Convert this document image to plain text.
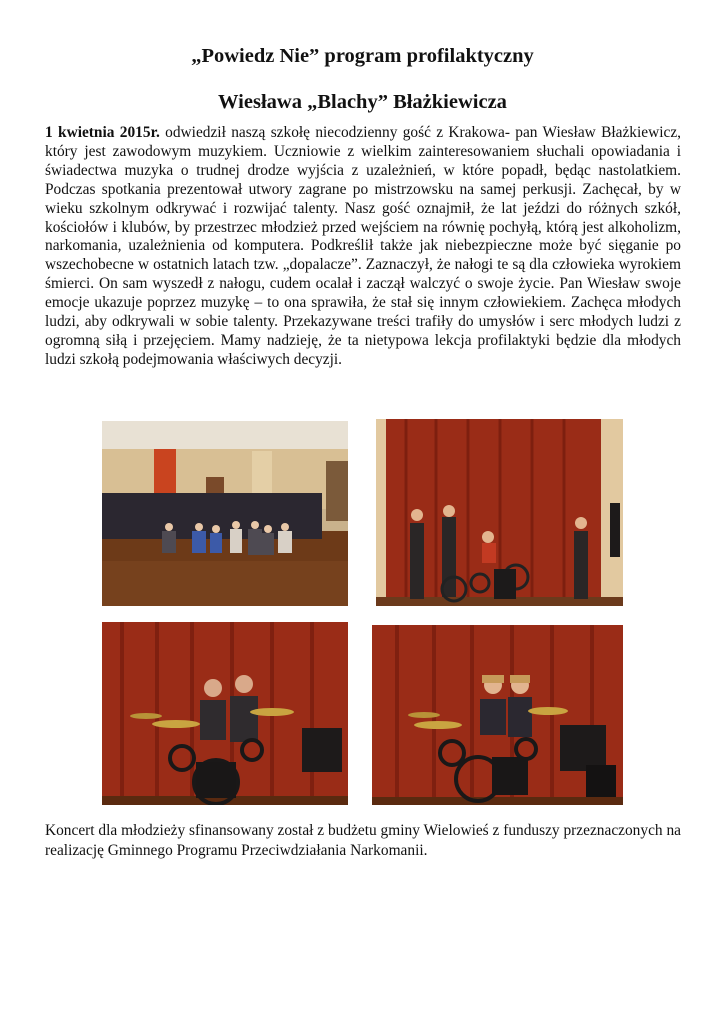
„Powiedz Nie” program profilaktyczny
Wiesława „Blachy” Błażkiewicza

1 kwietnia 2015r. odwiedził naszą szkołę niecodzienny gość z Krakowa- pan Wiesław Błażkiewicz, który jest zawodowym muzykiem. Uczniowie z wielkim zainteresowaniem słuchali opowiadania i świadectwa muzyka o trudnej drodze wyjścia z uzależnień, w które popadł, będąc nastolatkiem. Podczas spotkania prezentował utwory zagrane po mistrzowsku na samej perkusji. Zachęcał, by w wieku szkolnym odkrywać i rozwijać talenty. Nasz gość oznajmił, że lat jeździ do różnych szkół, kościołów i klubów, by przestrzec młodzież przed wejściem na równię pochyłą, którą jest alkoholizm, narkomania, uzależnienia od komputera. Podkreślił także jak niebezpieczne może być sięganie po wszechobecne w ostatnich latach tzw. „dopalacze”. Zaznaczył, że nałogi te są dla człowieka wyrokiem śmierci. On sam wyszedł z nałogu, cudem ocalał i zaczął walczyć o swoje życie. Pan Wiesław swoje emocje ukazuje poprzez muzykę – to ona sprawiła, że stał się innym człowiekiem. Zachęca młodych ludzi, aby odkrywali w sobie talenty. Przekazywane treści trafiły do umysłów i serc młodych ludzi z ogromną siłą i przejęciem. Mamy nadzieję, że ta nietypowa lekcja profilaktyki będzie dla młodych ludzi szkołą podejmowania właściwych decyzji.

Koncert dla młodzieży sfinansowany został z budżetu gminy Wielowieś z funduszy przeznaczonych na realizację Gminnego Programu Przeciwdziałania Narkomanii.
